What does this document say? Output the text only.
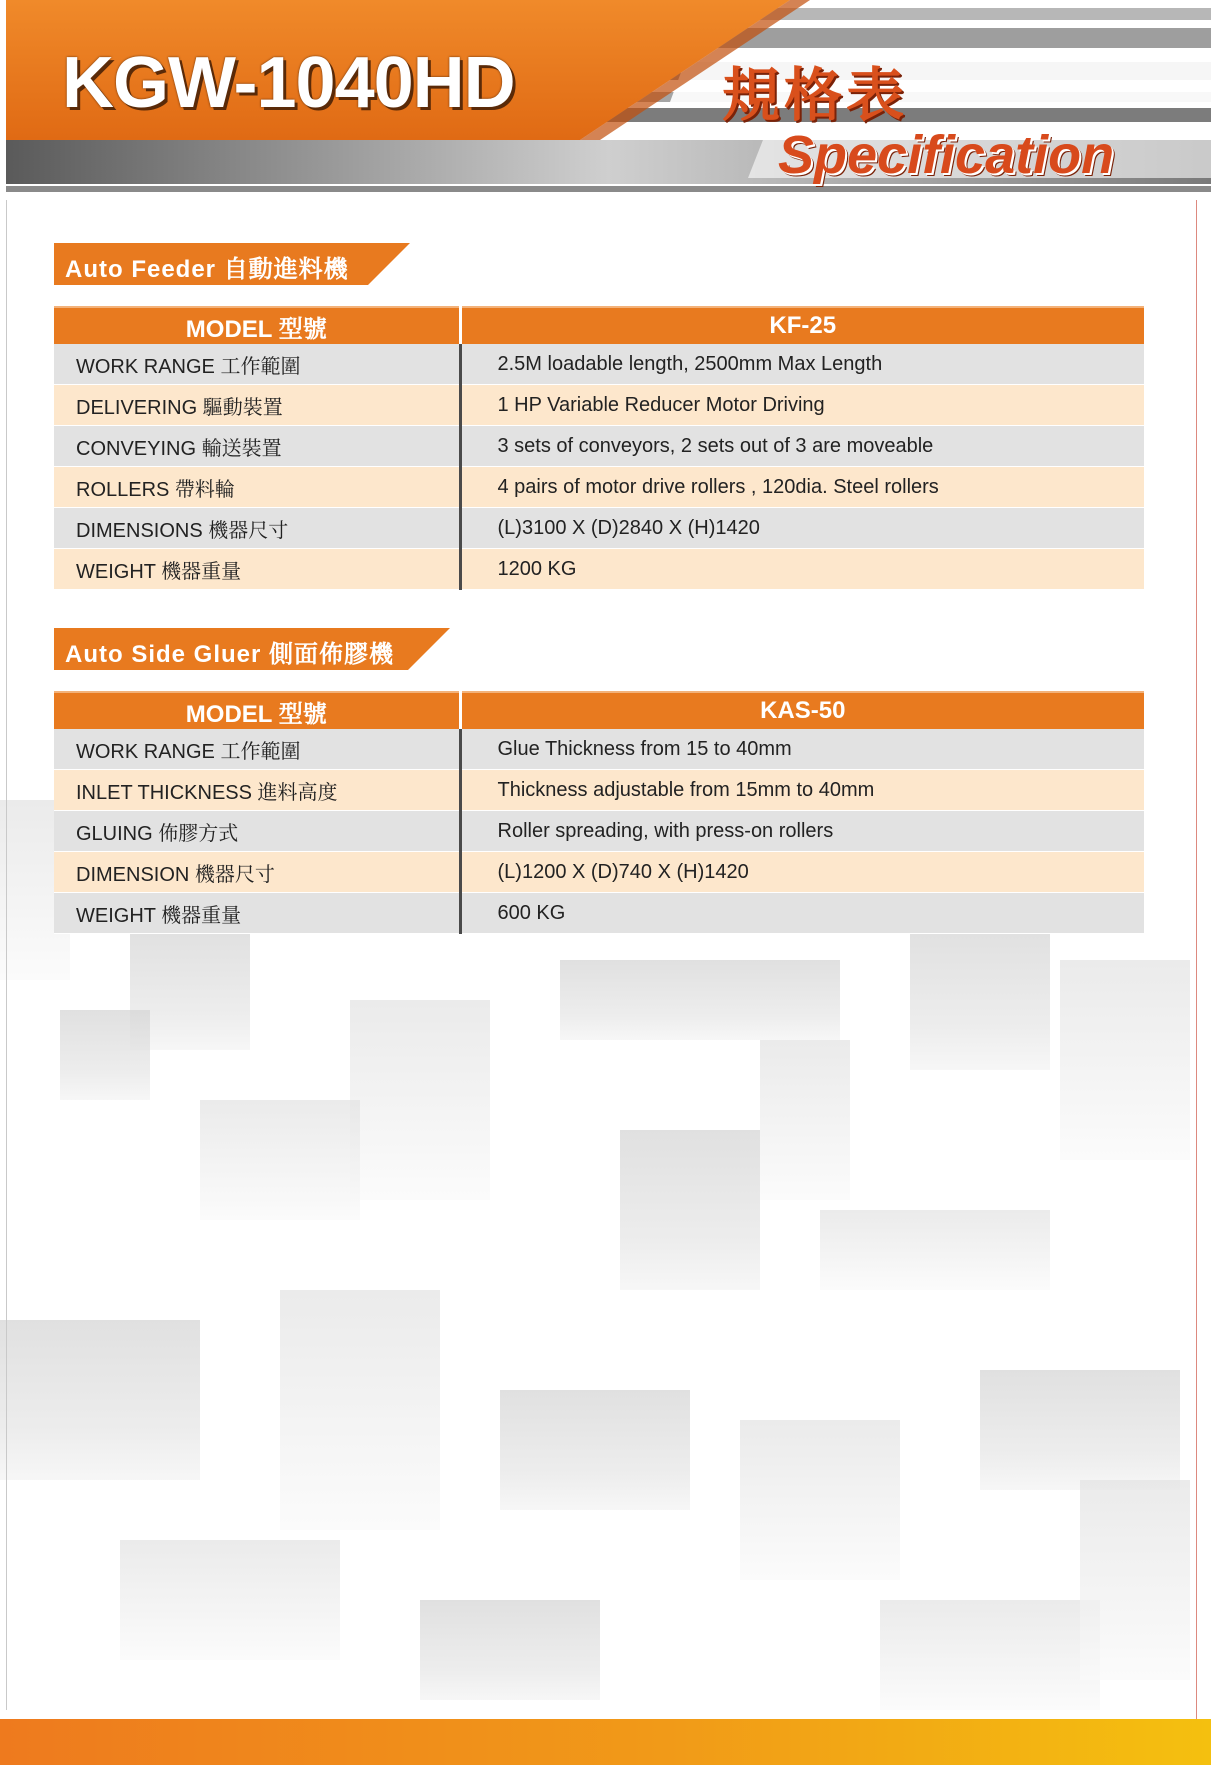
KGW-1040HD	規格表
Specification
Auto Feeder 自動進料機
MODEL 型號	KF-25
WORK RANGE 工作範圍	2.5M loadable length, 2500mm Max Length
DELIVERING 驅動裝置	1 HP Variable Reducer Motor Driving
CONVEYING 輸送裝置	3 sets of conveyors, 2 sets out of 3 are moveable
ROLLERS 帶料輪	4 pairs of motor drive rollers , 120dia. Steel rollers
DIMENSIONS 機器尺寸	(L)3100 X (D)2840 X (H)1420
WEIGHT 機器重量	1200 KG
Auto Side Gluer 側面佈膠機
MODEL 型號	KAS-50
WORK RANGE 工作範圍	Glue Thickness from 15 to 40mm
INLET THICKNESS 進料高度	Thickness adjustable from 15mm to 40mm
GLUING 佈膠方式	Roller spreading, with press-on rollers
DIMENSION 機器尺寸	(L)1200 X (D)740 X (H)1420
WEIGHT 機器重量	600 KG
